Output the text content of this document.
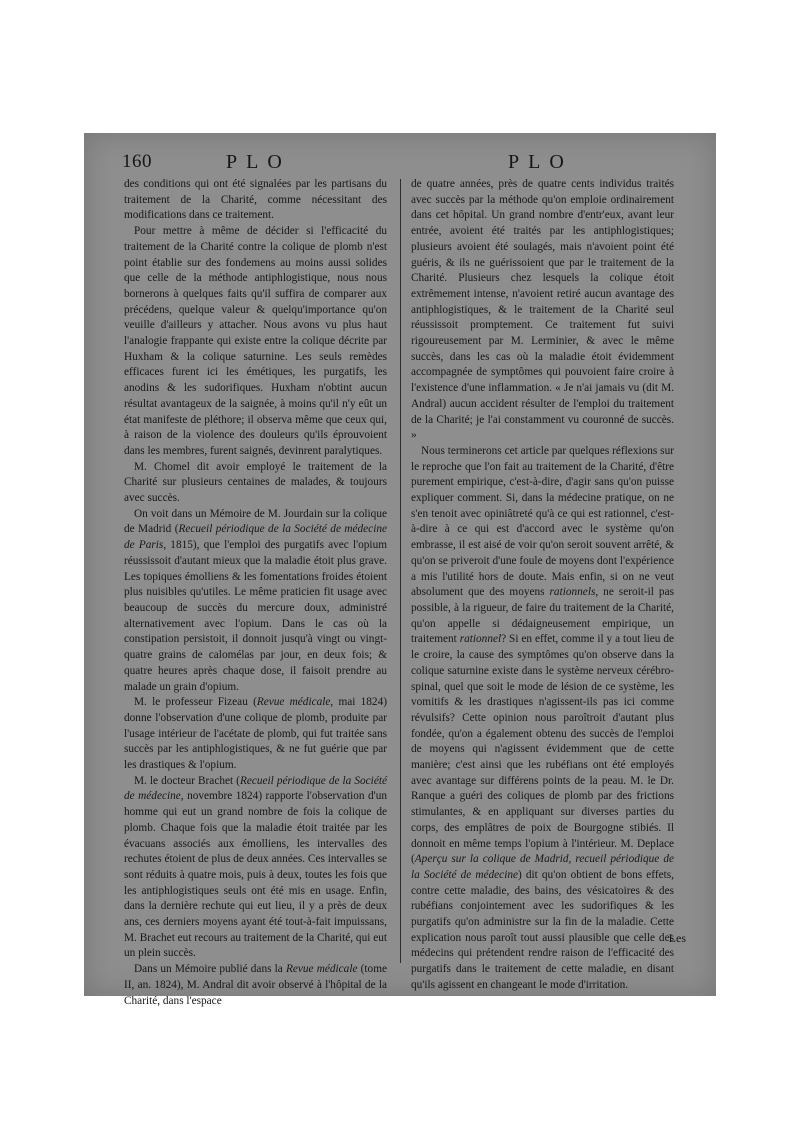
160	PLO	PLO

des conditions qui ont été signalées par les partisans du traitement de la Charité, comme nécessitant des modifications dans ce traitement.

Pour mettre à même de décider si l'efficacité du traitement de la Charité contre la colique de plomb n'est point établie sur des fondemens au moins aussi solides que celle de la méthode antiphlogistique, nous nous bornerons à quelques faits qu'il suffira de comparer aux précédens, quelque valeur & quelqu'importance qu'on veuille d'ailleurs y attacher. Nous avons vu plus haut l'analogie frappante qui existe entre la colique décrite par Huxham & la colique saturnine. Les seuls remèdes efficaces furent ici les émétiques, les purgatifs, les anodins & les sudorifiques. Huxham n'obtint aucun résultat avantageux de la saignée, à moins qu'il n'y eût un état manifeste de pléthore; il observa même que ceux qui, à raison de la violence des douleurs qu'ils éprouvoient dans les membres, furent saignés, devinrent paralytiques.

M. Chomel dit avoir employé le traitement de la Charité sur plusieurs centaines de malades, & toujours avec succès.

On voit dans un Mémoire de M. Jourdain sur la colique de Madrid (Recueil périodique de la Société de médecine de Paris, 1815), que l'emploi des purgatifs avec l'opium réussissoit d'autant mieux que la maladie étoit plus grave. Les topiques émolliens & les fomentations froides étoient plus nuisibles qu'utiles. Le même praticien fit usage avec beaucoup de succès du mercure doux, administré alternativement avec l'opium. Dans le cas où la constipation persistoit, il donnoit jusqu'à vingt ou vingt-quatre grains de calomélas par jour, en deux fois; & quatre heures après chaque dose, il faisoit prendre au malade un grain d'opium.

M. le professeur Fizeau (Revue médicale, mai 1824) donne l'observation d'une colique de plomb, produite par l'usage intérieur de l'acétate de plomb, qui fut traitée sans succès par les antiphlogistiques, & ne fut guérie que par les drastiques & l'opium.

M. le docteur Brachet (Recueil périodique de la Société de médecine, novembre 1824) rapporte l'observation d'un homme qui eut un grand nombre de fois la colique de plomb. Chaque fois que la maladie étoit traitée par les évacuans associés aux émolliens, les intervalles des rechutes étoient de plus de deux années. Ces intervalles se sont réduits à quatre mois, puis à deux, toutes les fois que les antiphlogistiques seuls ont été mis en usage. Enfin, dans la dernière rechute qui eut lieu, il y a près de deux ans, ces derniers moyens ayant été tout-à-fait impuissans, M. Brachet eut recours au traitement de la Charité, qui eut un plein succès.

Dans un Mémoire publié dans la Revue médicale (tome II, an. 1824), M. Andral dit avoir observé à l'hôpital de la Charité, dans l'espace

de quatre années, près de quatre cents individus traités avec succès par la méthode qu'on emploie ordinairement dans cet hôpital. Un grand nombre d'entr'eux, avant leur entrée, avoient été traités par les antiphlogistiques; plusieurs avoient été soulagés, mais n'avoient point été guéris, & ils ne guérissoient que par le traitement de la Charité. Plusieurs chez lesquels la colique étoit extrêmement intense, n'avoient retiré aucun avantage des antiphlogistiques, & le traitement de la Charité seul réussissoit promptement. Ce traitement fut suivi rigoureusement par M. Lerminier, & avec le même succès, dans les cas où la maladie étoit évidemment accompagnée de symptômes qui pouvoient faire croire à l'existence d'une inflammation. « Je n'ai jamais vu (dit M. Andral) aucun accident résulter de l'emploi du traitement de la Charité; je l'ai constamment vu couronné de succès. »

Nous terminerons cet article par quelques réflexions sur le reproche que l'on fait au traitement de la Charité, d'être purement empirique, c'est-à-dire, d'agir sans qu'on puisse expliquer comment. Si, dans la médecine pratique, on ne s'en tenoit avec opiniâtreté qu'à ce qui est rationnel, c'est-à-dire à ce qui est d'accord avec le système qu'on embrasse, il est aisé de voir qu'on seroit souvent arrêté, & qu'on se priveroit d'une foule de moyens dont l'expérience a mis l'utilité hors de doute. Mais enfin, si on ne veut absolument que des moyens rationnels, ne seroit-il pas possible, à la rigueur, de faire du traitement de la Charité, qu'on appelle si dédaigneusement empirique, un traitement rationnel? Si en effet, comme il y a tout lieu de le croire, la cause des symptômes qu'on observe dans la colique saturnine existe dans le système nerveux cérébro-spinal, quel que soit le mode de lésion de ce système, les vomitifs & les drastiques n'agissent-ils pas ici comme révulsifs? Cette opinion nous paroîtroit d'autant plus fondée, qu'on a également obtenu des succès de l'emploi de moyens qui n'agissent évidemment que de cette manière; c'est ainsi que les rubéfians ont été employés avec avantage sur différens points de la peau. M. le Dr. Ranque a guéri des coliques de plomb par des frictions stimulantes, & en appliquant sur diverses parties du corps, des emplâtres de poix de Bourgogne stibiés. Il donnoit en même temps l'opium à l'intérieur. M. Deplace (Aperçu sur la colique de Madrid, recueil périodique de la Société de médecine) dit qu'on obtient de bons effets, contre cette maladie, des bains, des vésicatoires & des rubéfians conjointement avec les sudorifiques & les purgatifs qu'on administre sur la fin de la maladie. Cette explication nous paroît tout aussi plausible que celle des médecins qui prétendent rendre raison de l'efficacité des purgatifs dans le traitement de cette maladie, en disant qu'ils agissent en changeant le mode d'irritation.

Les
